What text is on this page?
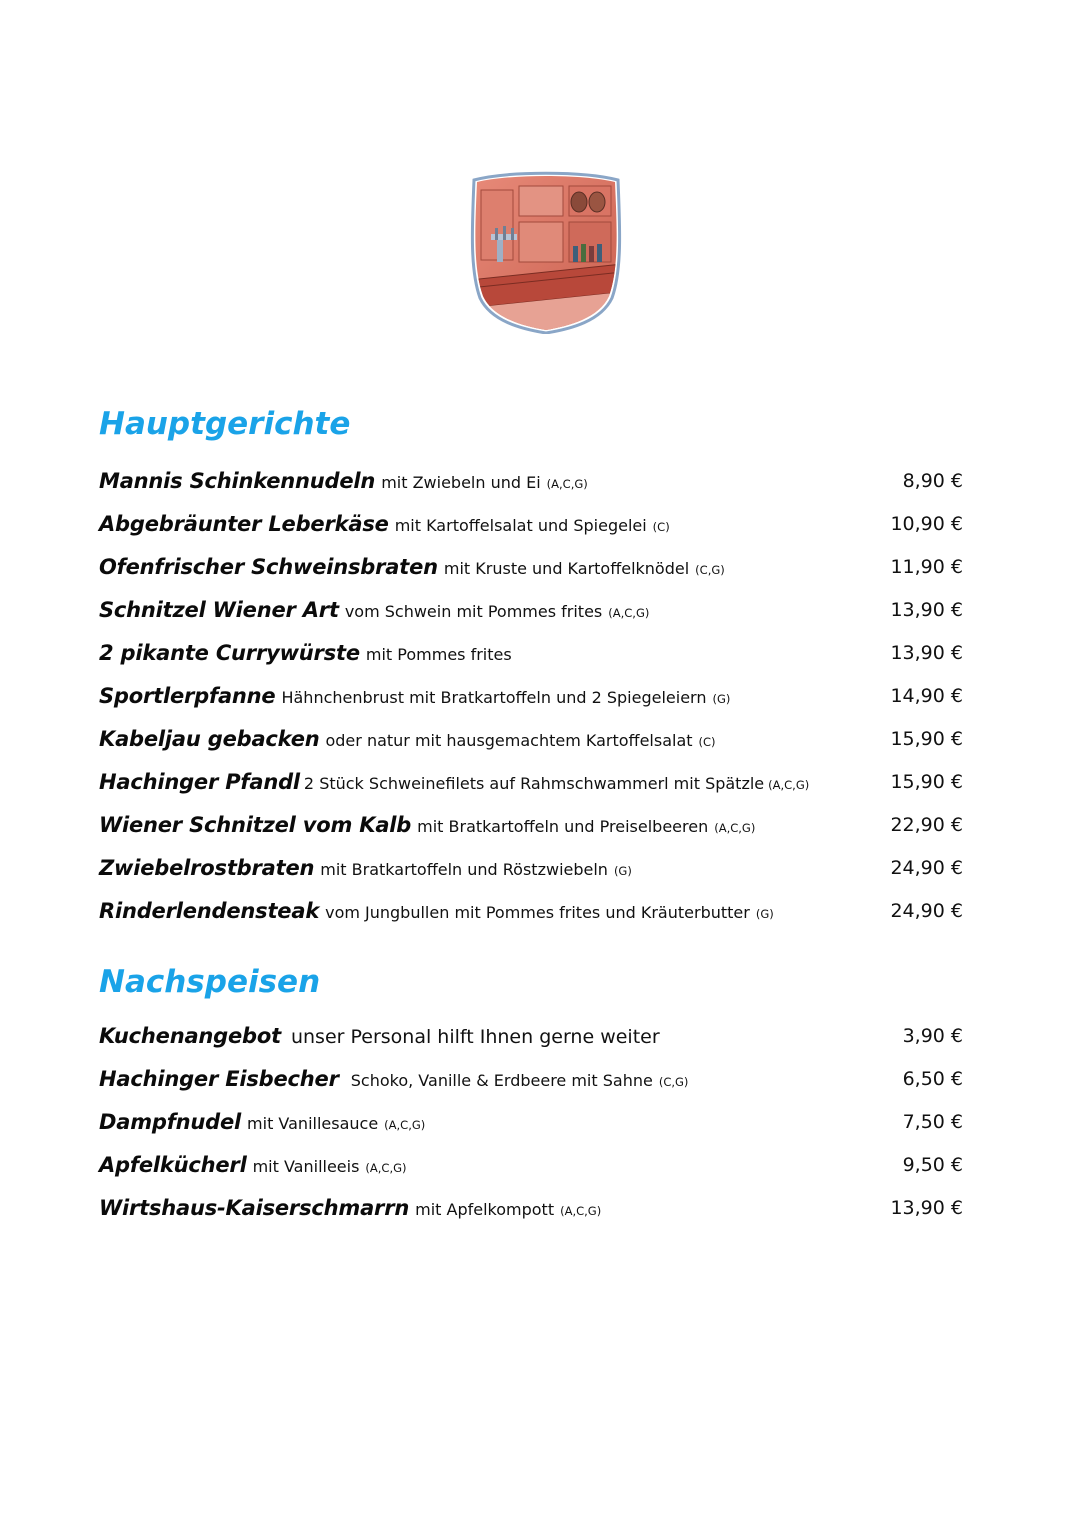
Hauptgerichte
Mannis Schinkennudeln mit Zwiebeln und Ei (A,C,G)	8,90 €
Abgebräunter Leberkäse mit Kartoffelsalat und Spiegelei (C)	10,90 €
Ofenfrischer Schweinsbraten mit Kruste und Kartoffelknödel (C,G)	11,90 €
Schnitzel Wiener Art vom Schwein mit Pommes frites (A,C,G)	13,90 €
2 pikante Currywürste mit Pommes frites	13,90 €
Sportlerpfanne Hähnchenbrust mit Bratkartoffeln und 2 Spiegeleiern (G)	14,90 €
Kabeljau gebacken oder natur mit hausgemachtem Kartoffelsalat (C)	15,90 €
Hachinger Pfandl 2 Stück Schweinefilets auf Rahmschwammerl mit Spätzle (A,C,G)	15,90 €
Wiener Schnitzel vom Kalb mit Bratkartoffeln und Preiselbeeren (A,C,G)	22,90 €
Zwiebelrostbraten mit Bratkartoffeln und Röstzwiebeln (G)	24,90 €
Rinderlendensteak vom Jungbullen mit Pommes frites und Kräuterbutter (G)	24,90 €
Nachspeisen
Kuchenangebot unser Personal hilft Ihnen gerne weiter	3,90 €
Hachinger Eisbecher Schoko, Vanille & Erdbeere mit Sahne (C,G)	6,50 €
Dampfnudel mit Vanillesauce (A,C,G)	7,50 €
Apfelkücherl mit Vanilleeis (A,C,G)	9,50 €
Wirtshaus-Kaiserschmarrn mit Apfelkompott (A,C,G)	13,90 €
